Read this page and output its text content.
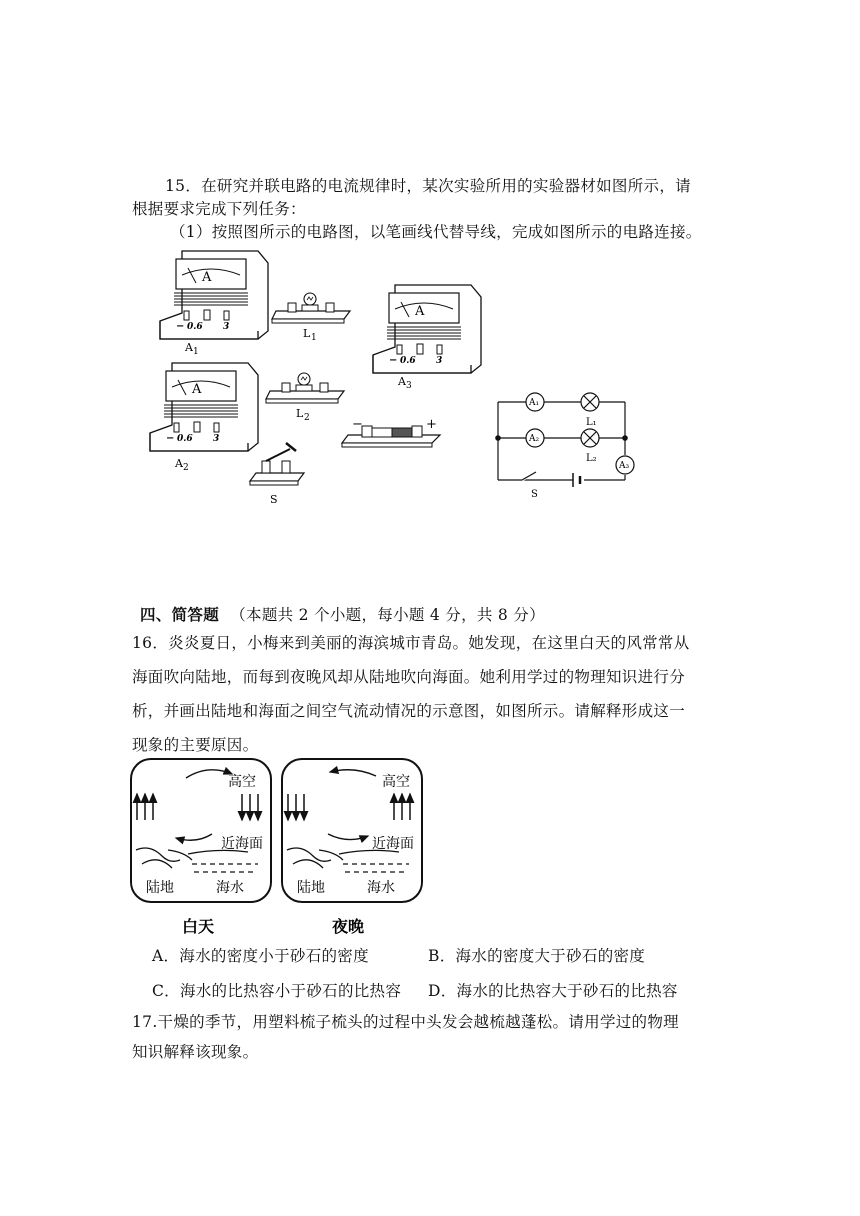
15．在研究并联电路的电流规律时，某次实验所用的实验器材如图所示，请
根据要求完成下列任务：
（1）按照图所示的电路图，以笔画线代替导线，完成如图所示的电路连接。
A
− 0.6 3
A 1
A
− 0.6 3
A 2
A
− 0.6 3
A 3
L 1
L 2	−	+
S
A₁
A₂
A₃
L₁
L₂
S
四、简答题 （本题共 2 个小题，每小题 4 分，共 8 分）
16．炎炎夏日，小梅来到美丽的海滨城市青岛。她发现，在这里白天的风常常从
海面吹向陆地，而每到夜晚风却从陆地吹向海面。她利用学过的物理知识进行分
析，并画出陆地和海面之间空气流动情况的示意图，如图所示。请解释形成这一
现象的主要原因。
高空
近海面
陆地	海水
白天
高空
近海面
陆地	海水
夜晚
A．海水的密度小于砂石的密度	B．海水的密度大于砂石的密度
C．海水的比热容小于砂石的比热容 D．海水的比热容大于砂石的比热容
17.干燥的季节，用塑料梳子梳头的过程中头发会越梳越蓬松。请用学过的物理
知识解释该现象。
